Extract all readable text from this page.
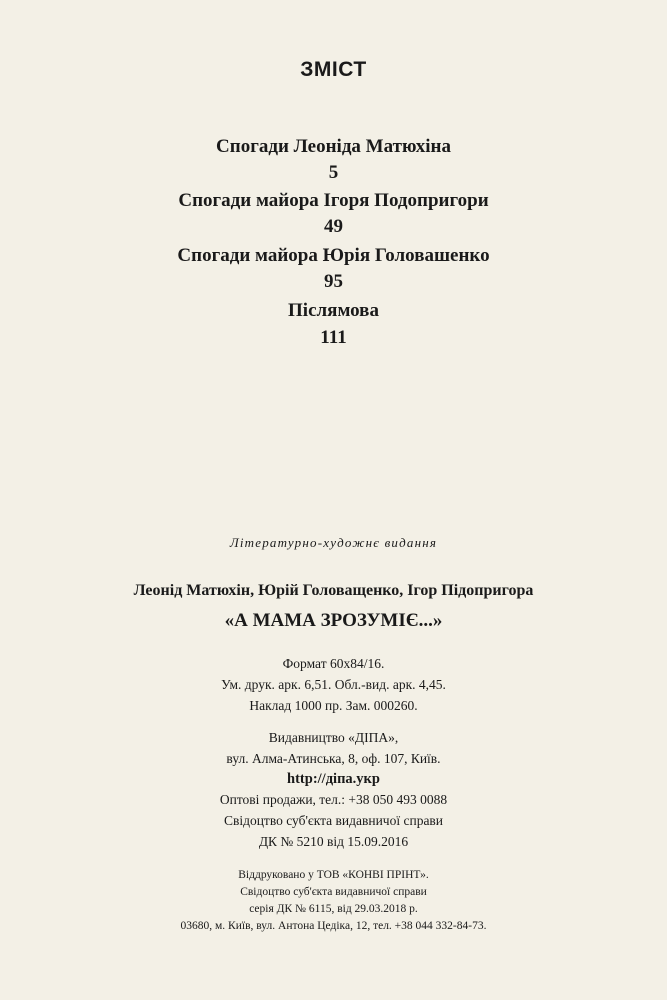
ЗМІСТ
Спогади Леоніда Матюхіна
5
Спогади майора Ігоря Подопригори
49
Спогади майора Юрія Головашенко
95
Післямова
111
Літературно-художнє видання
Леонід Матюхін, Юрій Головащенко, Ігор Підопригора
«А МАМА ЗРОЗУМІЄ...»
Формат 60x84/16.
Ум. друк. арк. 6,51. Обл.-вид. арк. 4,45.
Наклад 1000 пр. Зам. 000260.
Видавництво «ДІПА»,
вул. Алма-Атинська, 8, оф. 107, Київ.
http://діпа.укр
Оптові продажи, тел.: +38 050 493 0088
Свідоцтво суб'єкта видавничої справи
ДК № 5210 від 15.09.2016
Віддруковано у ТОВ «КОНВІ ПРІНТ».
Свідоцтво суб'єкта видавничої справи
серія ДК № 6115, від 29.03.2018 р.
03680, м. Київ, вул. Антона Цедіка, 12, тел. +38 044 332-84-73.
